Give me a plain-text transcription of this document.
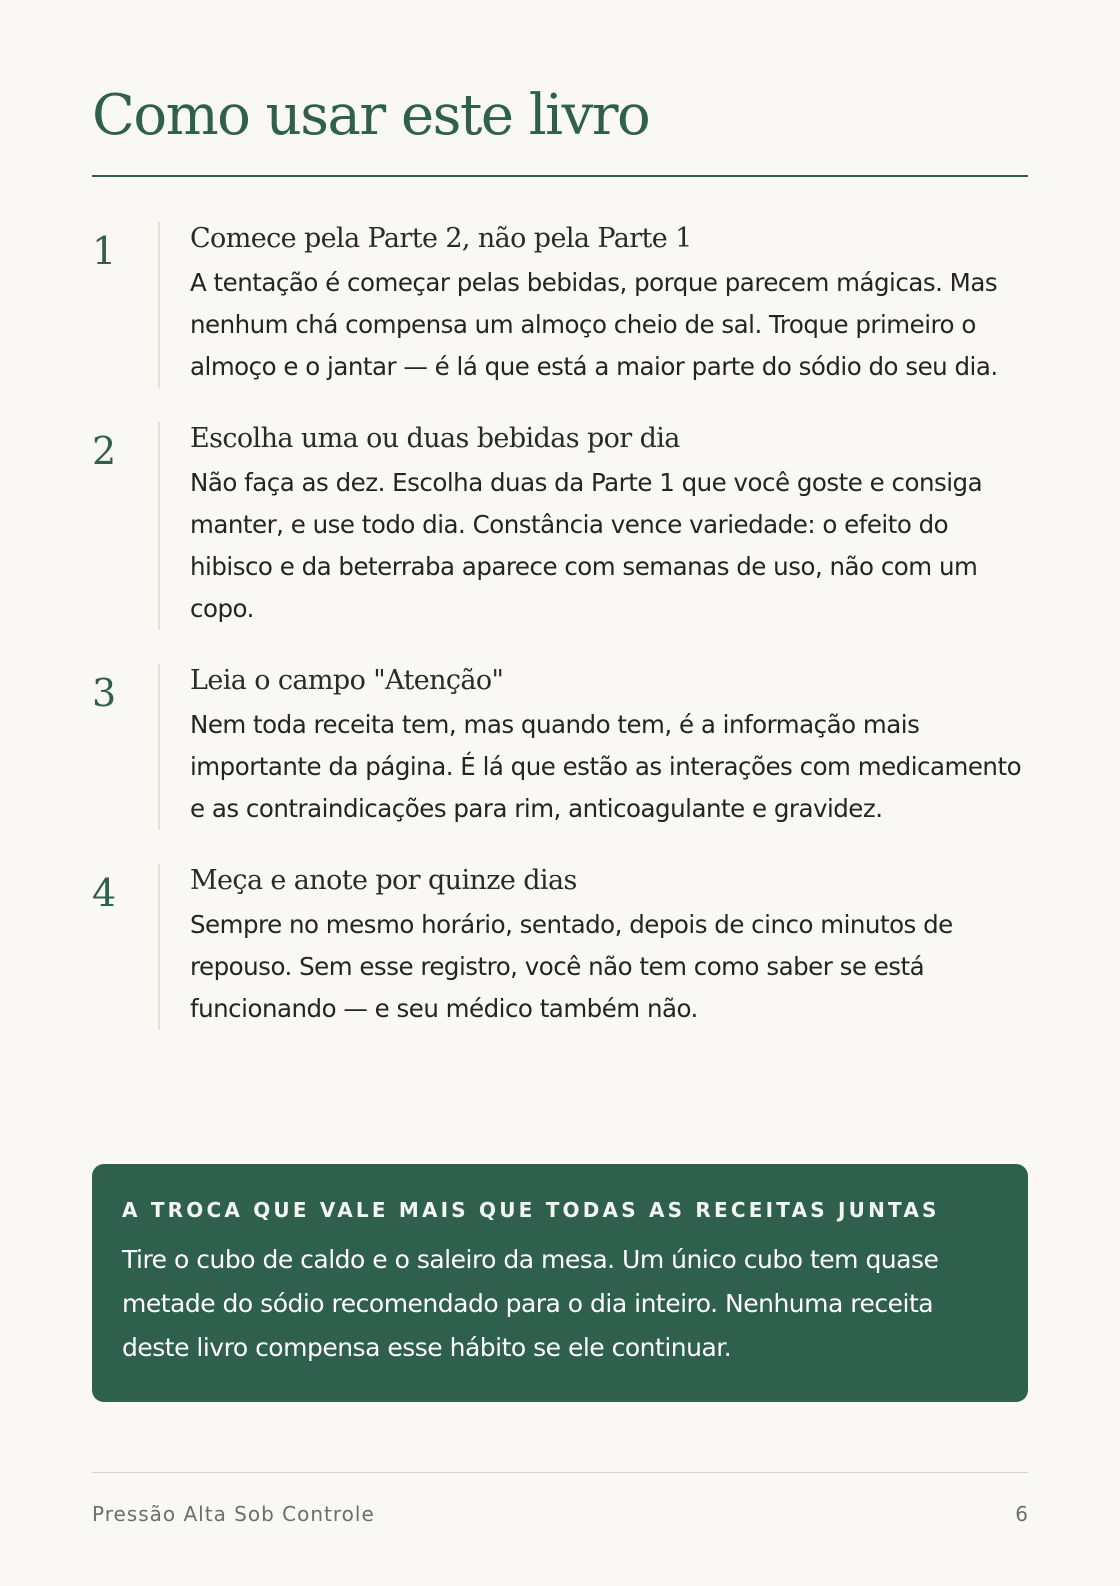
Como usar este livro
1	Comece pela Parte 2, não pela Parte 1

A tentação é começar pelas bebidas, porque parecem mágicas. Mas nenhum chá compensa um almoço cheio de sal. Troque primeiro o almoço e o jantar — é lá que está a maior parte do sódio do seu dia.

2	Escolha uma ou duas bebidas por dia

Não faça as dez. Escolha duas da Parte 1 que você goste e consiga manter, e use todo dia. Constância vence variedade: o efeito do hibisco e da beterraba aparece com semanas de uso, não com um copo.

3	Leia o campo "Atenção"

Nem toda receita tem, mas quando tem, é a informação mais importante da página. É lá que estão as interações com medicamento e as contraindicações para rim, anticoagulante e gravidez.

4	Meça e anote por quinze dias

Sempre no mesmo horário, sentado, depois de cinco minutos de repouso. Sem esse registro, você não tem como saber se está funcionando — e seu médico também não.

A TROCA QUE VALE MAIS QUE TODAS AS RECEITAS JUNTAS

Tire o cubo de caldo e o saleiro da mesa. Um único cubo tem quase metade do sódio recomendado para o dia inteiro. Nenhuma receita deste livro compensa esse hábito se ele continuar.

Pressão Alta Sob Controle	6
